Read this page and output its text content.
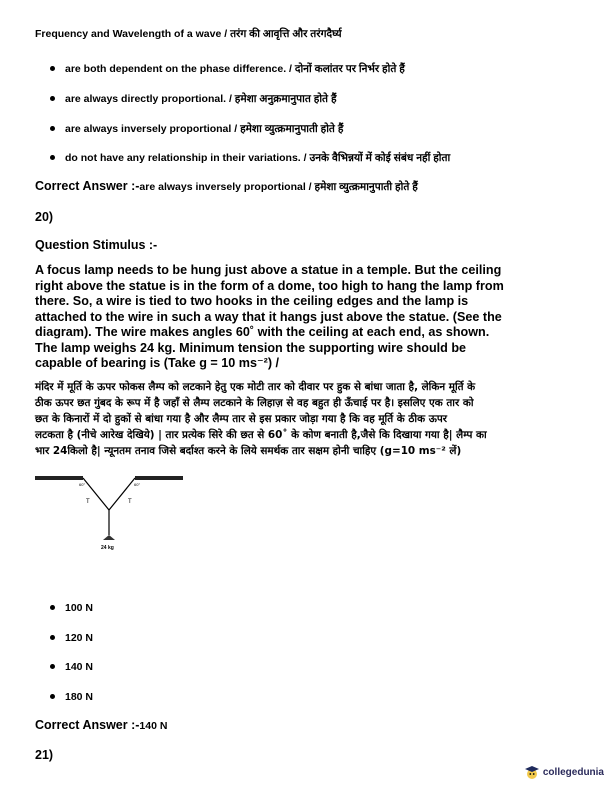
Frequency and Wavelength of a wave / तरंग की आवृत्ति और तरंगदैर्घ्य
are both dependent on the phase difference. / दोनों कलांतर पर निर्भर होते हैं
are always directly proportional. / हमेशा अनुक्रमानुपात होते हैं
are always inversely proportional / हमेशा व्युत्क्रमानुपाती होते हैं
do not have any relationship in their variations. / उनके वैभिन्नयों में कोई संबंध नहीं होता
Correct Answer :-are always inversely proportional / हमेशा व्युत्क्रमानुपाती होते हैं
20)
Question Stimulus :-
A focus lamp needs to be hung just above a statue in a temple. But the ceiling
right above the statue is in the form of a dome, too high to hang the lamp from
there. So, a wire is tied to two hooks in the ceiling edges and the lamp is
attached to the wire in such a way that it hangs just above the statue. (See the
diagram). The wire makes angles 60˚ with the ceiling at each end, as shown.
The lamp weighs 24 kg. Minimum tension the supporting wire should be
capable of bearing is (Take g = 10 ms⁻²) /
मंदिर में मूर्ति के ऊपर फोकस लैम्प को लटकाने हेतु एक मोटी तार को दीवार पर हुक से बांधा जाता है, लेकिन मूर्ति के
ठीक ऊपर छत गुंबद के रूप में है जहाँ से लैम्प लटकाने के लिहाज़ से वह बहुत ही ऊँचाई पर है। इसलिए एक तार को
छत के किनारों में दो हुकों से बांधा गया है और लैम्प तार से इस प्रकार जोड़ा गया है कि वह मूर्ति के ठीक ऊपर
लटकता है (नीचे आरेख देखिये) | तार प्रत्येक सिरे की छत से 60˚ के कोण बनाती है,जैसे कि दिखाया गया है| लैम्प का
भार 24किलो है| न्यूनतम तनाव जिसे बर्दाश्त करने के लिये समर्थक तार सक्षम होनी चाहिए (g=10 ms⁻² लें)
60°	60°
T	T
24 kg
100 N
120 N
140 N
180 N
Correct Answer :-140 N
21)
collegedunia
